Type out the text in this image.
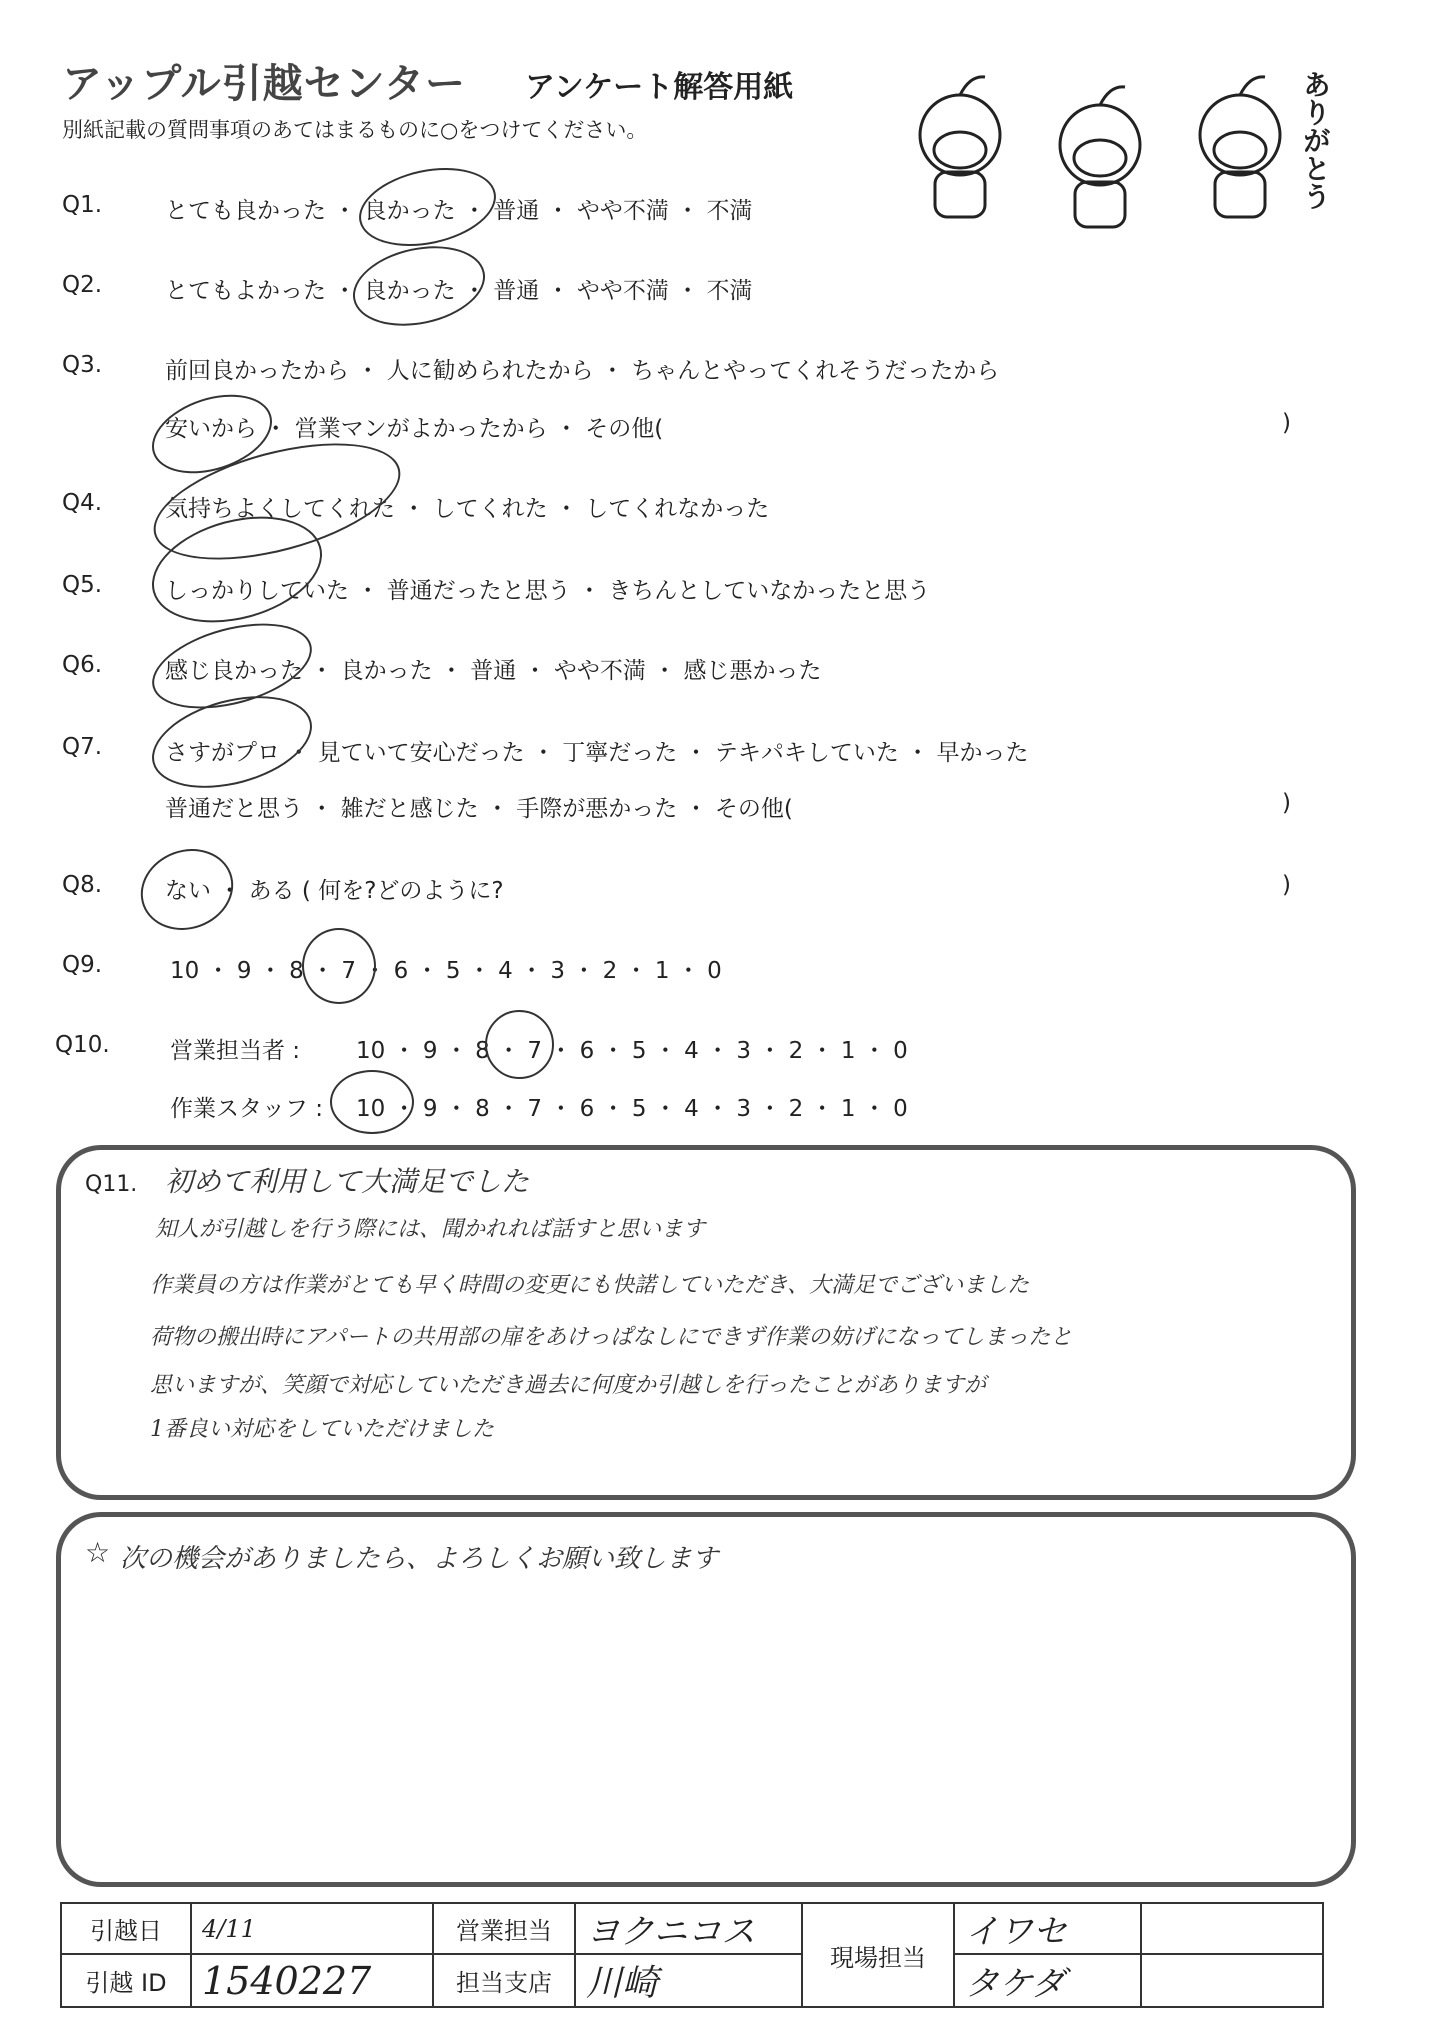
アップル引越センター アンケート解答用紙
別紙記載の質問事項のあてはまるものに○をつけてください。	ありがとう
Q1.	とても良かった ・ 良かった ・ 普通 ・ やや不満 ・ 不満
Q2.	とてもよかった ・ 良かった ・ 普通 ・ やや不満 ・ 不満
Q3.	前回良かったから ・ 人に勧められたから ・ ちゃんとやってくれそうだったから
安いから ・ 営業マンがよかったから ・ その他(	)
Q4.	気持ちよくしてくれた ・ してくれた ・ してくれなかった
Q5.	しっかりしていた ・ 普通だったと思う ・ きちんとしていなかったと思う
Q6.	感じ良かった ・ 良かった ・ 普通 ・ やや不満 ・ 感じ悪かった
Q7.	さすがプロ ・ 見ていて安心だった ・ 丁寧だった ・ テキパキしていた ・ 早かった
普通だと思う ・ 雑だと感じた ・ 手際が悪かった ・ その他(	)
Q8.	ない ・ ある ( 何を?どのように?	)
Q9.	10 ・ 9 ・ 8 ・ 7 ・ 6 ・ 5 ・ 4 ・ 3 ・ 2 ・ 1 ・ 0
Q10.	営業担当者 : 10 ・ 9 ・ 8 ・ 7 ・ 6 ・ 5 ・ 4 ・ 3 ・ 2 ・ 1 ・ 0
作業スタッフ : 10 ・ 9 ・ 8 ・ 7 ・ 6 ・ 5 ・ 4 ・ 3 ・ 2 ・ 1 ・ 0
Q11. 初めて利用して大満足でした
知人が引越しを行う際には、聞かれれば話すと思います
作業員の方は作業がとても早く時間の変更にも快諾していただき、大満足でございました
荷物の搬出時にアパートの共用部の扉をあけっぱなしにできず作業の妨げになってしまったと
思いますが、笑顔で対応していただき過去に何度か引越しを行ったことがありますが
1番良い対応をしていただけました
☆ 次の機会がありましたら、よろしくお願い致します
引越日	4/11	営業担当	ヨクニコス	現場担当	イワセ	
引越 ID	1540227	担当支店	川崎		タケダ	
